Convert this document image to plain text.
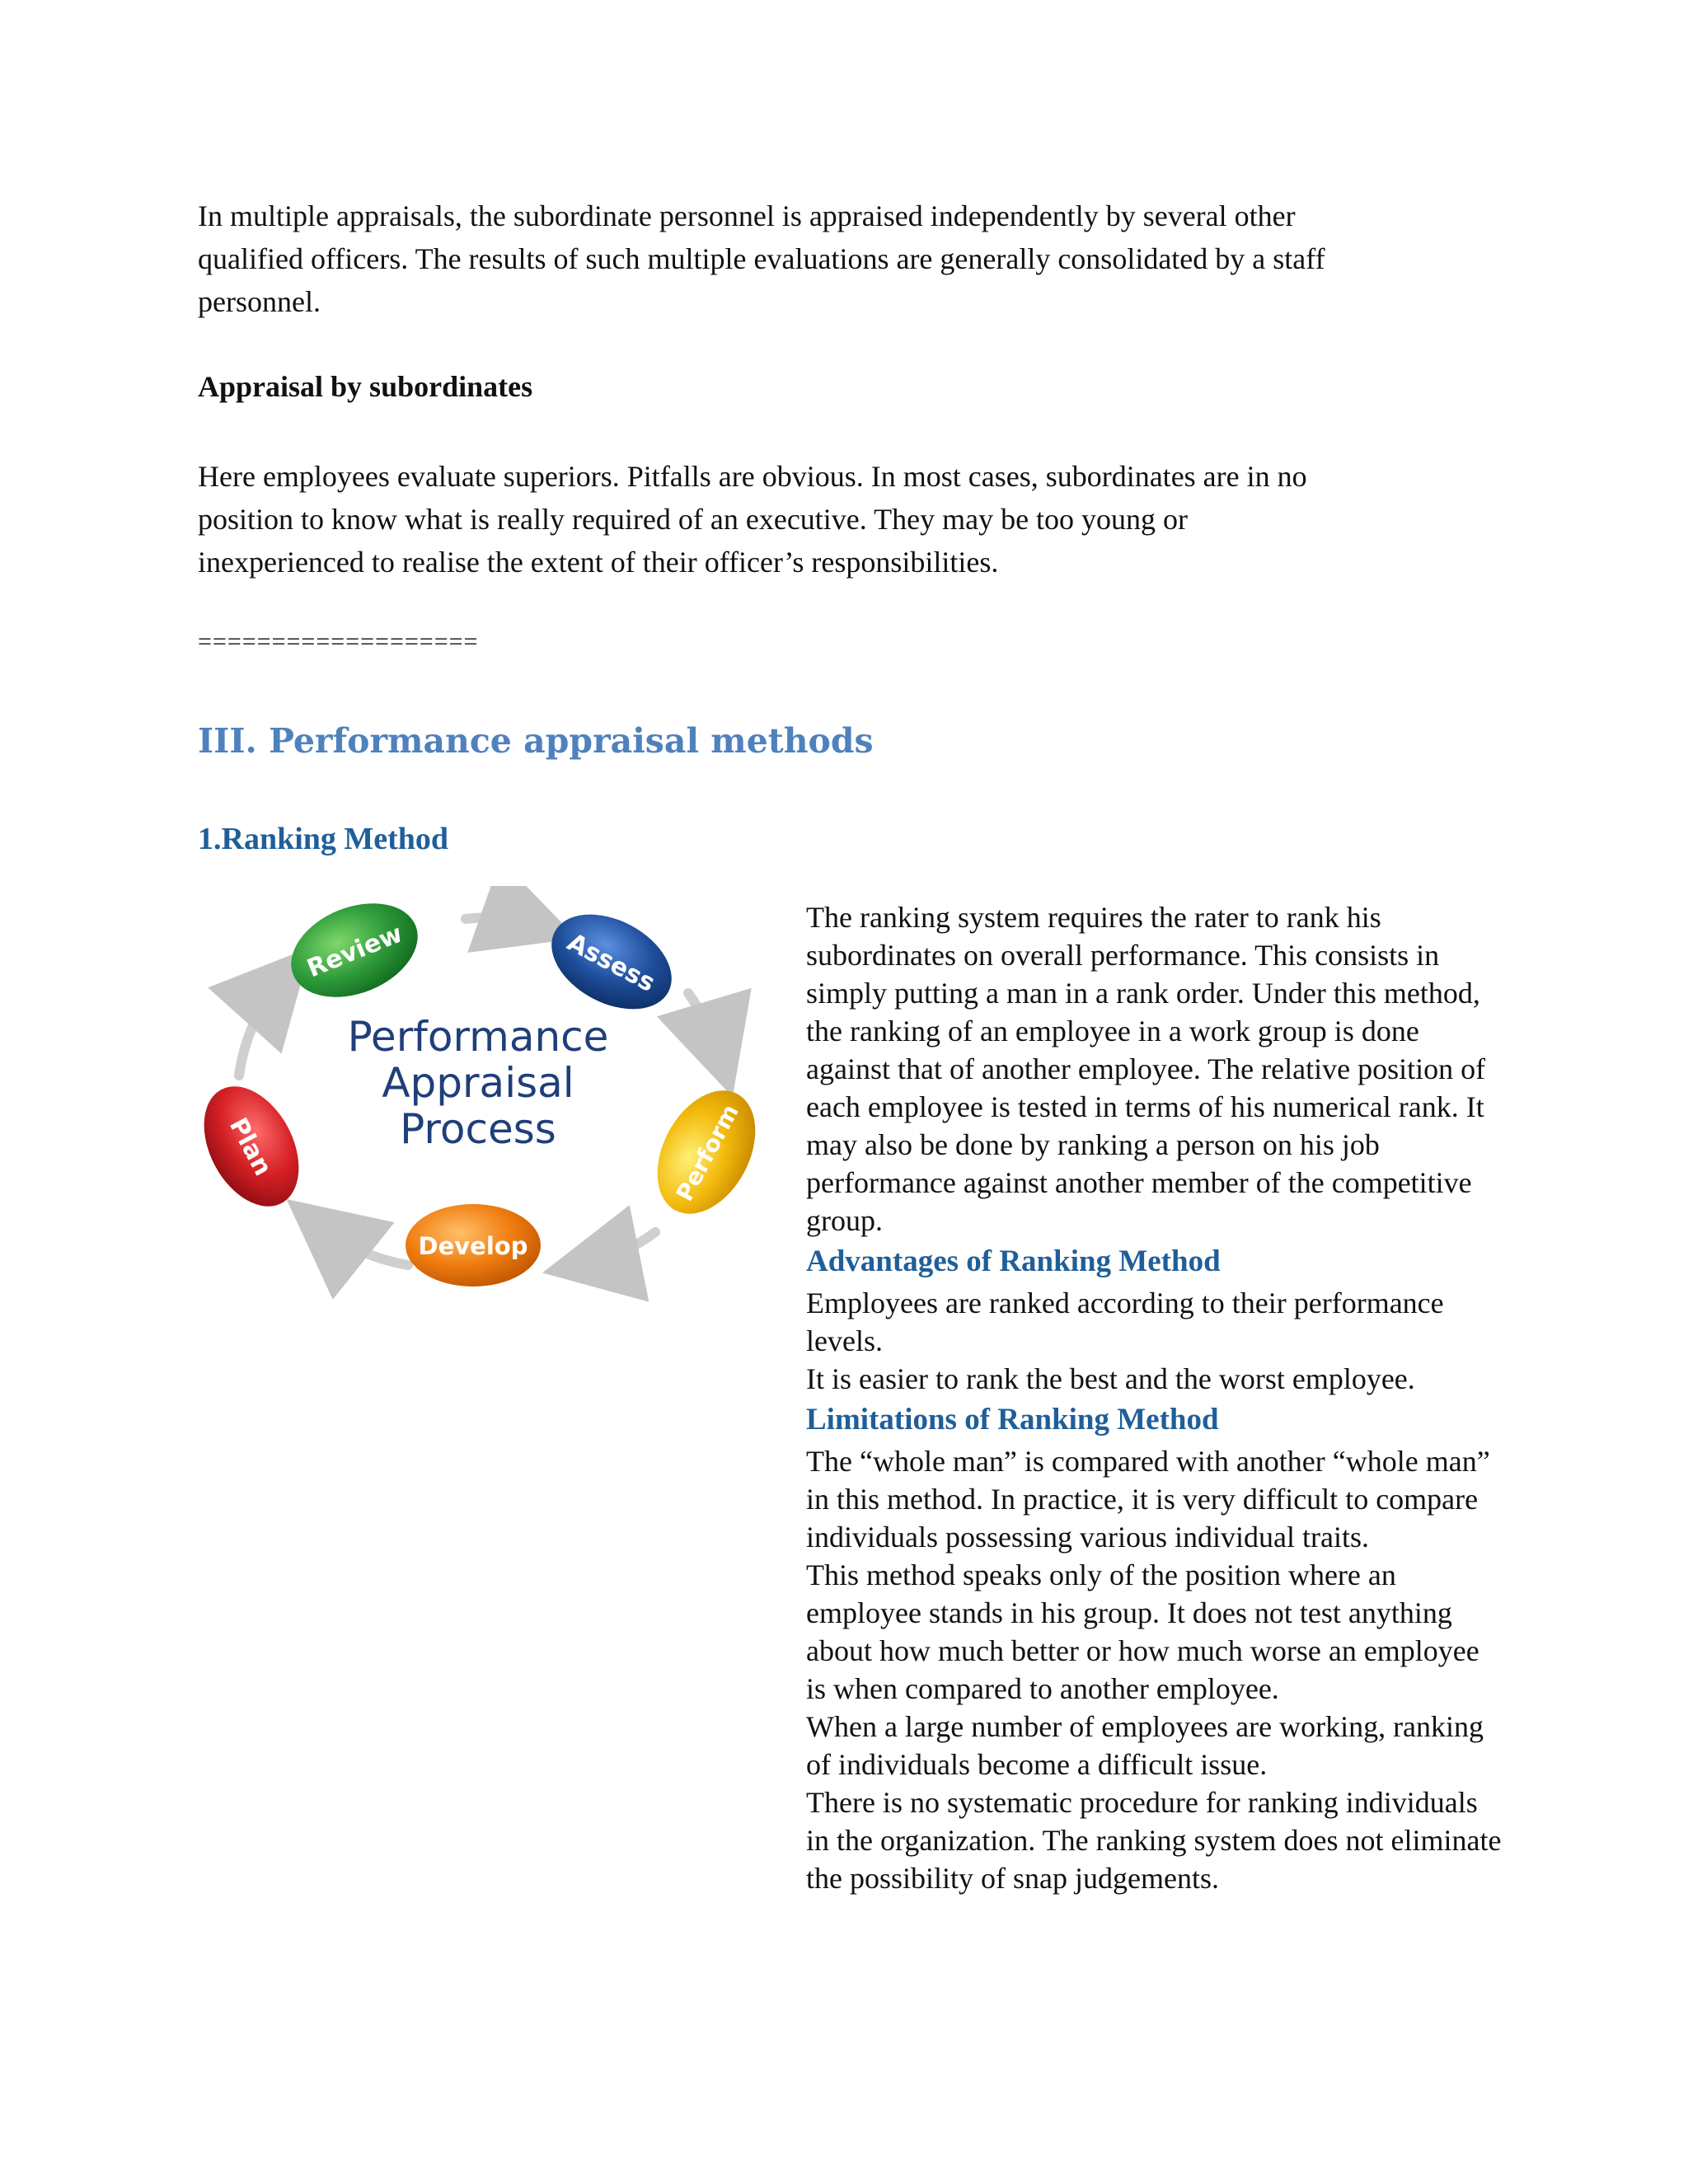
In multiple appraisals, the subordinate personnel is appraised independently by several other
qualified officers. The results of such multiple evaluations are generally consolidated by a staff
personnel.

Appraisal by subordinates

Here employees evaluate superiors. Pitfalls are obvious. In most cases, subordinates are in no
position to know what is really required of an executive. They may be too young or
inexperienced to realise the extent of their officer’s responsibilities.

===================

III. Performance appraisal methods
1.Ranking Method
Review	Assess
Perform
Develop
Plan
Performance
Appraisal
Process
The ranking system requires the rater to rank his
subordinates on overall performance. This consists in
simply putting a man in a rank order. Under this method,
the ranking of an employee in a work group is done
against that of another employee. The relative position of
each employee is tested in terms of his numerical rank. It
may also be done by ranking a person on his job
performance against another member of the competitive
group.
Advantages of Ranking Method
Employees are ranked according to their performance
levels.
It is easier to rank the best and the worst employee.
Limitations of Ranking Method
The “whole man” is compared with another “whole man”
in this method. In practice, it is very difficult to compare
individuals possessing various individual traits.
This method speaks only of the position where an
employee stands in his group. It does not test anything
about how much better or how much worse an employee
is when compared to another employee.
When a large number of employees are working, ranking
of individuals become a difficult issue.
There is no systematic procedure for ranking individuals
in the organization. The ranking system does not eliminate
the possibility of snap judgements.
